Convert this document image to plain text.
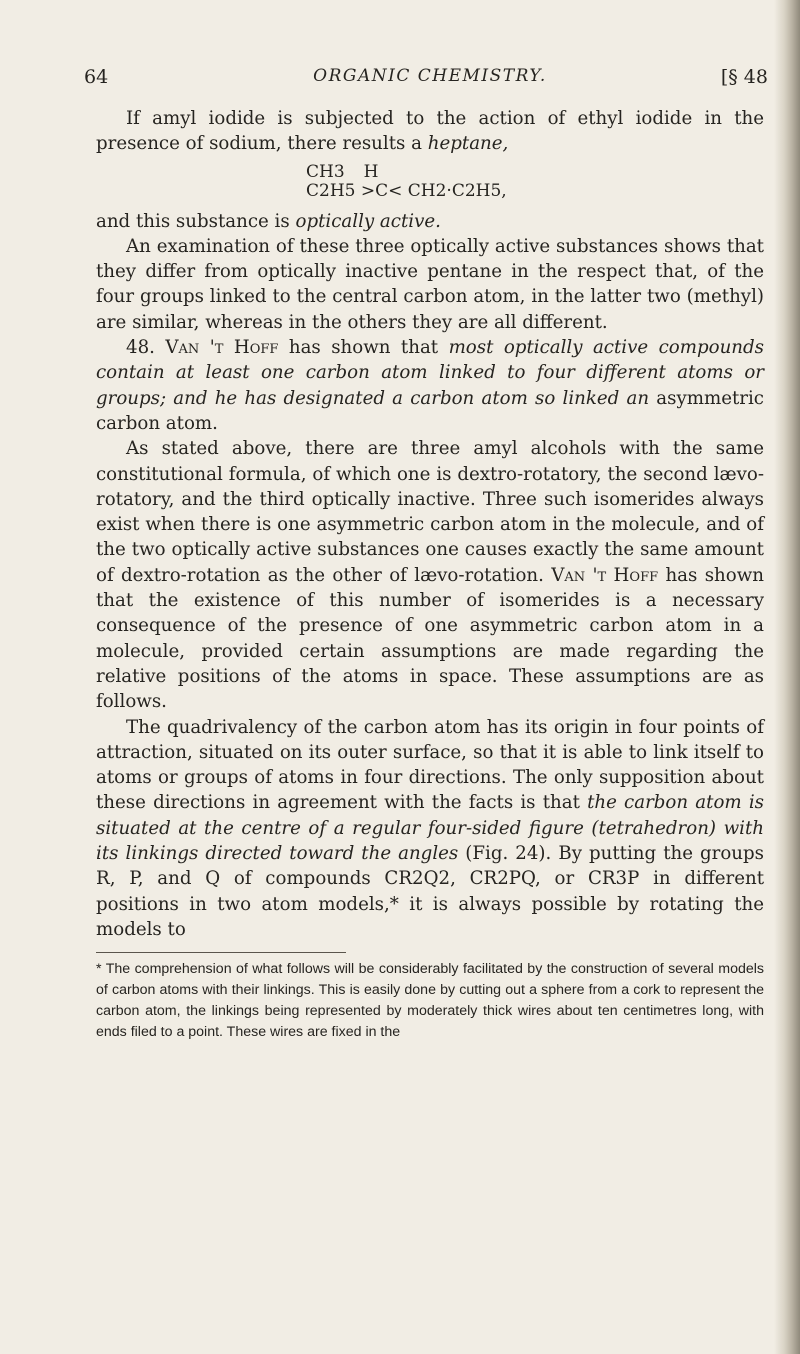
64	ORGANIC CHEMISTRY.	[§ 48

If amyl iodide is subjected to the action of ethyl iodide in the presence of sodium, there results a heptane,

CH3     H
C2H5 >C< CH2·C2H5,

and this substance is optically active.

An examination of these three optically active substances shows that they differ from optically inactive pentane in the respect that, of the four groups linked to the central carbon atom, in the latter two (methyl) are similar, whereas in the others they are all different.

48. Van 't Hoff has shown that most optically active compounds contain at least one carbon atom linked to four different atoms or groups; and he has designated a carbon atom so linked an asymmetric carbon atom.

As stated above, there are three amyl alcohols with the same constitutional formula, of which one is dextro-rotatory, the second lævo-rotatory, and the third optically inactive. Three such isomerides always exist when there is one asymmetric carbon atom in the molecule, and of the two optically active substances one causes exactly the same amount of dextro-rotation as the other of lævo-rotation. Van 't Hoff has shown that the existence of this number of isomerides is a necessary consequence of the presence of one asymmetric carbon atom in a molecule, provided certain assumptions are made regarding the relative positions of the atoms in space. These assumptions are as follows.

The quadrivalency of the carbon atom has its origin in four points of attraction, situated on its outer surface, so that it is able to link itself to atoms or groups of atoms in four directions. The only supposition about these directions in agreement with the facts is that the carbon atom is situated at the centre of a regular four-sided figure (tetrahedron) with its linkings directed toward the angles (Fig. 24). By putting the groups R, P, and Q of compounds CR2Q2, CR2PQ, or CR3P in different positions in two atom models,* it is always possible by rotating the models to

* The comprehension of what follows will be considerably facilitated by the construction of several models of carbon atoms with their linkings. This is easily done by cutting out a sphere from a cork to represent the carbon atom, the linkings being represented by moderately thick wires about ten centimetres long, with ends filed to a point. These wires are fixed in the
